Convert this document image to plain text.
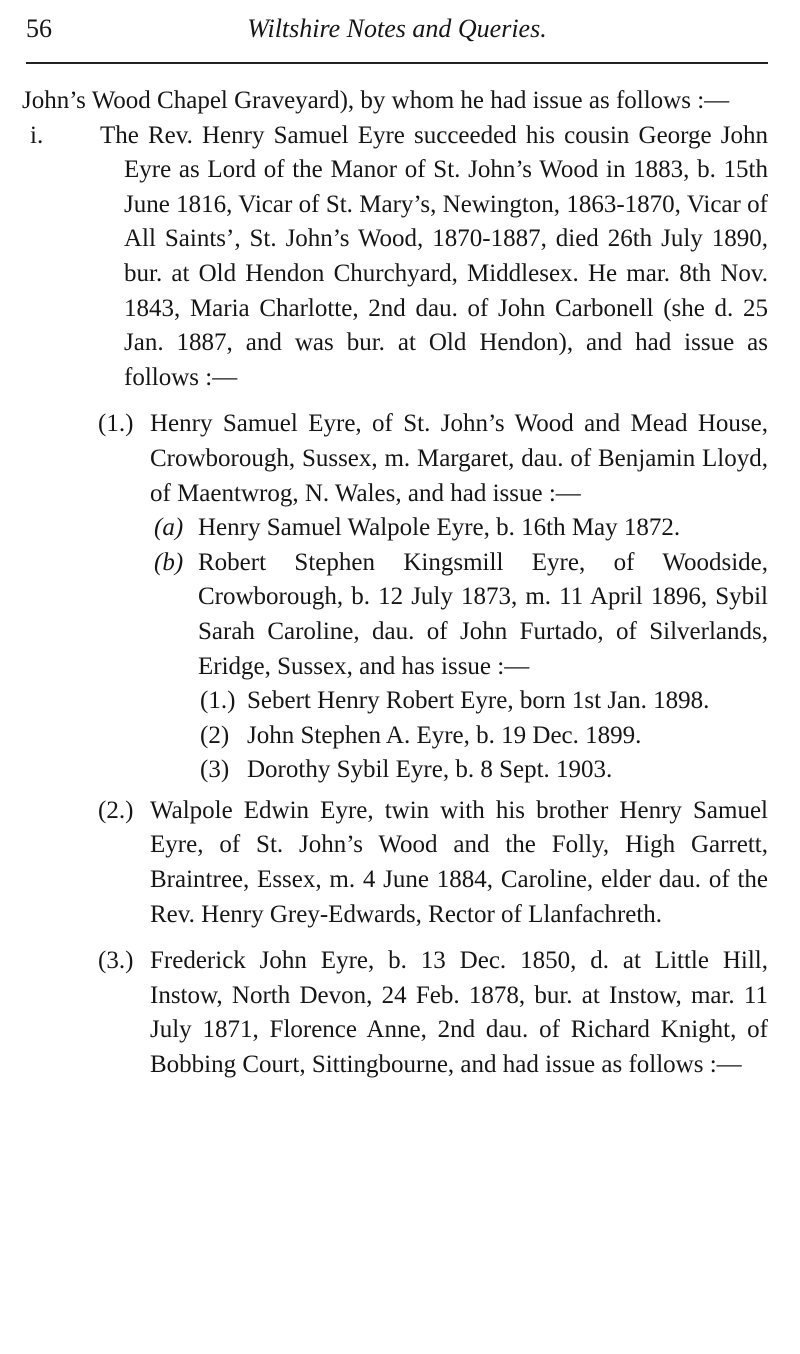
56	Wiltshire Notes and Queries.

John’s Wood Chapel Graveyard), by whom he had issue as follows :—

i. The Rev. Henry Samuel Eyre succeeded his cousin George John Eyre as Lord of the Manor of St. John’s Wood in 1883, b. 15th June 1816, Vicar of St. Mary’s, Newington, 1863-1870, Vicar of All Saints’, St. John’s Wood, 1870-1887, died 26th July 1890, bur. at Old Hendon Churchyard, Middlesex. He mar. 8th Nov. 1843, Maria Charlotte, 2nd dau. of John Carbonell (she d. 25 Jan. 1887, and was bur. at Old Hendon), and had issue as follows :—
(1.) Henry Samuel Eyre, of St. John’s Wood and Mead House, Crowborough, Sussex, m. Margaret, dau. of Benjamin Lloyd, of Maentwrog, N. Wales, and had issue :—
(a) Henry Samuel Walpole Eyre, b. 16th May 1872.
(b) Robert Stephen Kingsmill Eyre, of Woodside, Crowborough, b. 12 July 1873, m. 11 April 1896, Sybil Sarah Caroline, dau. of John Furtado, of Silverlands, Eridge, Sussex, and has issue :—
(1.) Sebert Henry Robert Eyre, born 1st Jan. 1898.
(2) John Stephen A. Eyre, b. 19 Dec. 1899.
(3) Dorothy Sybil Eyre, b. 8 Sept. 1903.
(2.) Walpole Edwin Eyre, twin with his brother Henry Samuel Eyre, of St. John’s Wood and the Folly, High Garrett, Braintree, Essex, m. 4 June 1884, Caroline, elder dau. of the Rev. Henry Grey-Edwards, Rector of Llanfachreth.
(3.) Frederick John Eyre, b. 13 Dec. 1850, d. at Little Hill, Instow, North Devon, 24 Feb. 1878, bur. at Instow, mar. 11 July 1871, Florence Anne, 2nd dau. of Richard Knight, of Bobbing Court, Sittingbourne, and had issue as follows :—
